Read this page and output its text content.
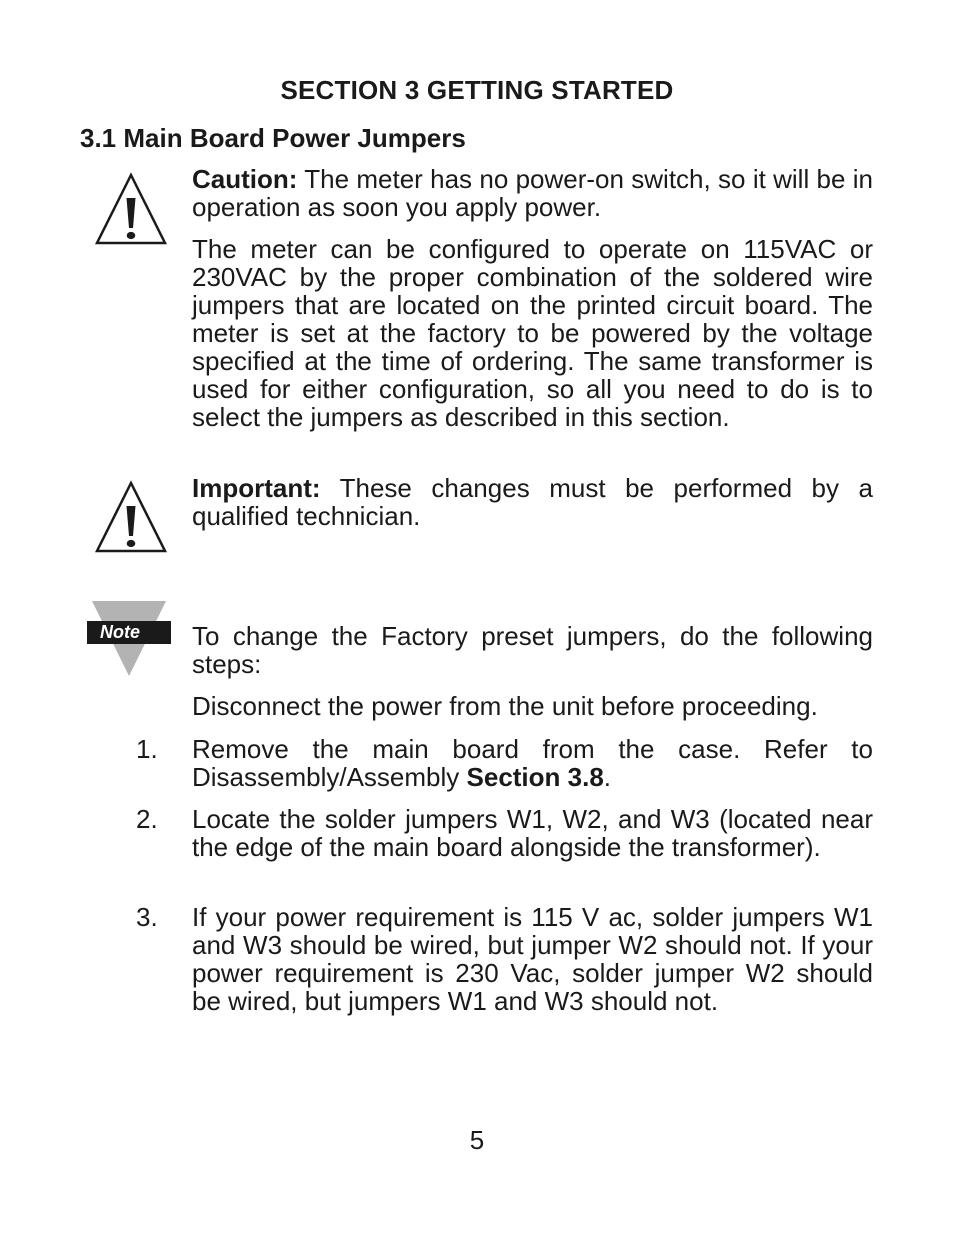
SECTION 3 GETTING STARTED
3.1 Main Board Power Jumpers

Caution: The meter has no power-on switch, so it will be in operation as soon you apply power.

The meter can be configured to operate on 115VAC or 230VAC by the proper combination of the soldered wire jumpers that are located on the printed circuit board. The meter is set at the factory to be powered by the voltage specified at the time of ordering. The same transformer is used for either configuration, so all you need to do is to select the jumpers as described in this section.

Important: These changes must be performed by a qualified technician.

Note To change the Factory preset jumpers, do the following steps:

Disconnect the power from the unit before proceeding.

1. Remove the main board from the case. Refer to Disassembly/Assembly Section 3.8.

2. Locate the solder jumpers W1, W2, and W3 (located near the edge of the main board alongside the transformer).

3. If your power requirement is 115 V ac, solder jumpers W1 and W3 should be wired, but jumper W2 should not. If your power requirement is 230 Vac, solder jumper W2 should be wired, but jumpers W1 and W3 should not.

5
